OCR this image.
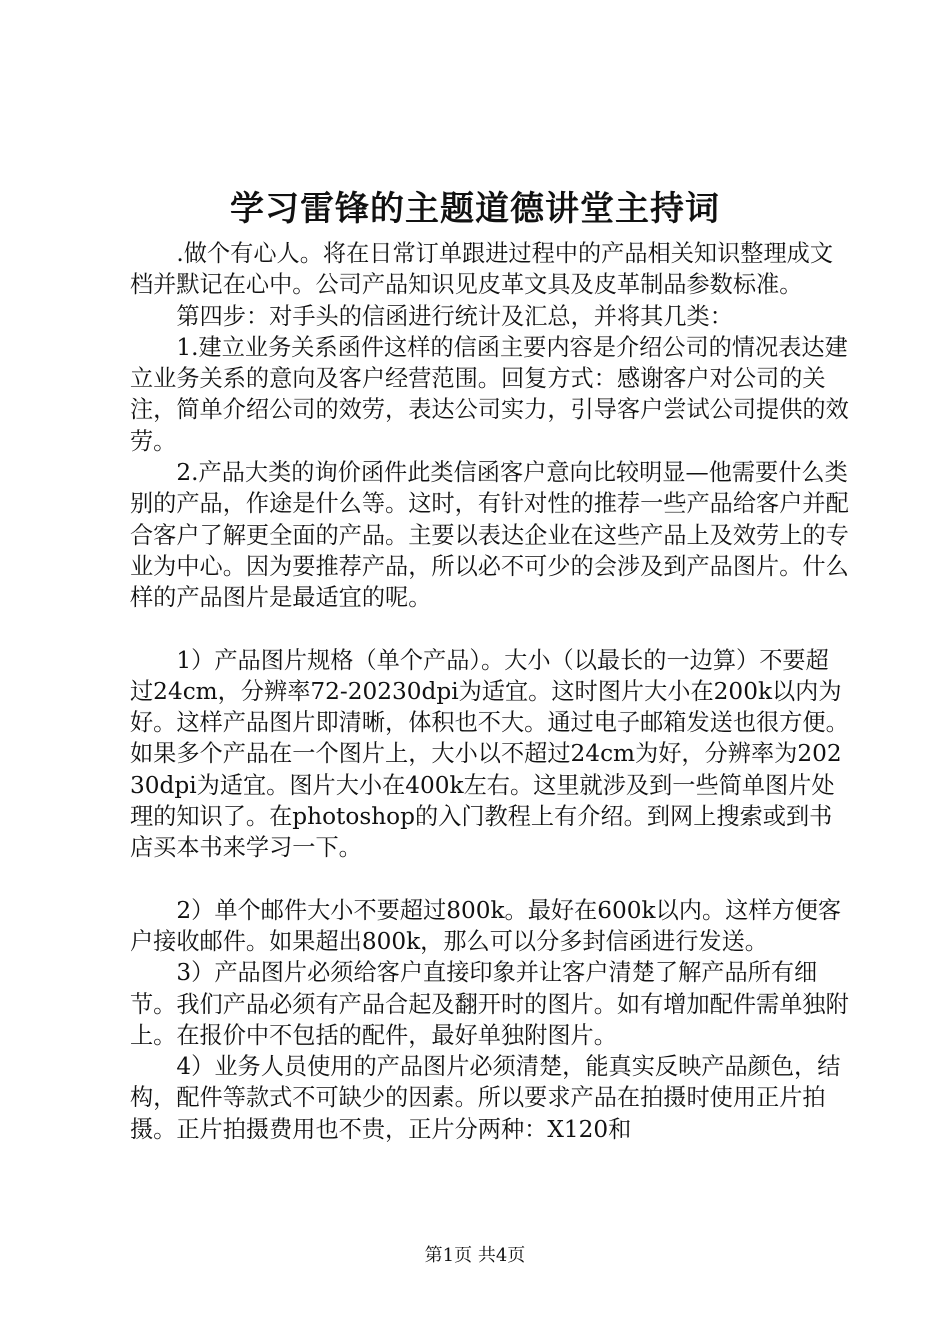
学习雷锋的主题道德讲堂主持词

.做个有心人。将在日常订单跟进过程中的产品相关知识整理成文档并默记在心中。公司产品知识见皮革文具及皮革制品参数标准。

第四步：对手头的信函进行统计及汇总，并将其几类：

1.建立业务关系函件这样的信函主要内容是介绍公司的情况表达建立业务关系的意向及客户经营范围。回复方式：感谢客户对公司的关注，简单介绍公司的效劳，表达公司实力，引导客户尝试公司提供的效劳。

2.产品大类的询价函件此类信函客户意向比较明显—他需要什么类别的产品，作途是什么等。这时，有针对性的推荐一些产品给客户并配合客户了解更全面的产品。主要以表达企业在这些产品上及效劳上的专业为中心。因为要推荐产品，所以必不可少的会涉及到产品图片。什么样的产品图片是最适宜的呢。

1）产品图片规格（单个产品）。大小（以最长的一边算）不要超过24cm，分辨率72-20230dpi为适宜。这时图片大小在200k以内为好。这样产品图片即清晰，体积也不大。通过电子邮箱发送也很方便。如果多个产品在一个图片上，大小以不超过24cm为好，分辨率为20230dpi为适宜。图片大小在400k左右。这里就涉及到一些简单图片处理的知识了。在photoshop的入门教程上有介绍。到网上搜索或到书店买本书来学习一下。

2）单个邮件大小不要超过800k。最好在600k以内。这样方便客户接收邮件。如果超出800k，那么可以分多封信函进行发送。

3）产品图片必须给客户直接印象并让客户清楚了解产品所有细节。我们产品必须有产品合起及翻开时的图片。如有增加配件需单独附上。在报价中不包括的配件，最好单独附图片。

4）业务人员使用的产品图片必须清楚，能真实反映产品颜色，结构，配件等款式不可缺少的因素。所以要求产品在拍摄时使用正片拍摄。正片拍摄费用也不贵，正片分两种：X120和

第1页 共4页
